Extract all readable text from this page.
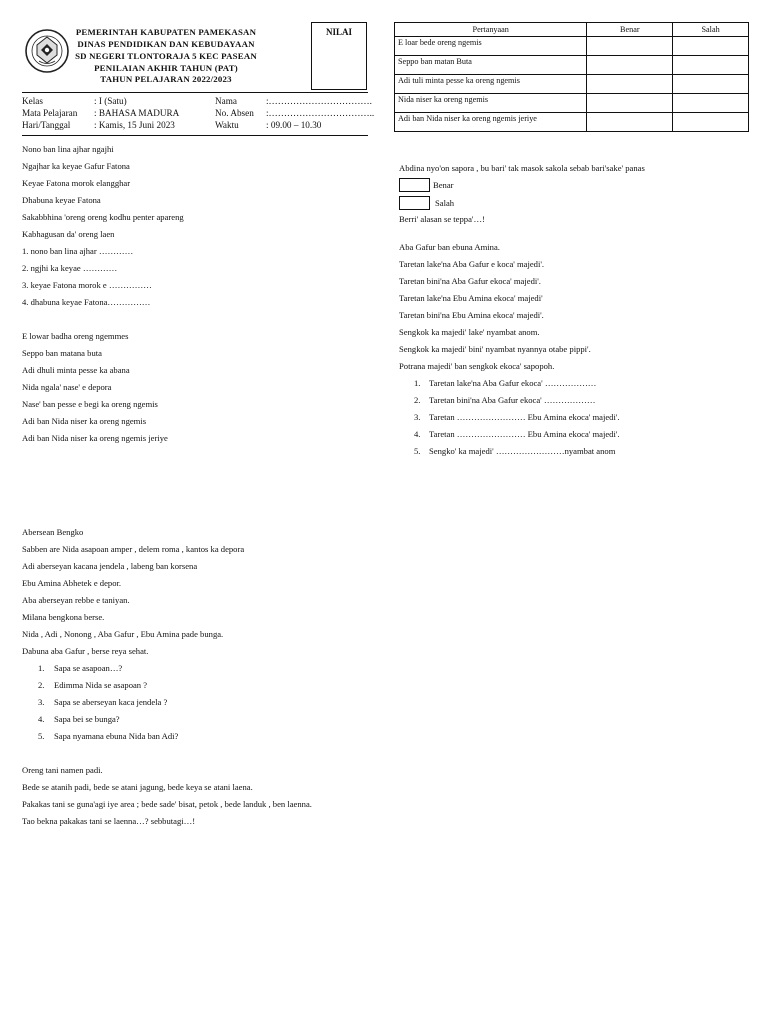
PEMERINTAH KABUPATEN PAMEKASAN
DINAS PENDIDIKAN DAN KEBUDAYAAN
SD NEGERI TLONTORAJA 5 KEC PASEAN
PENILAIAN AKHIR TAHUN (PAT)
TAHUN PELAJARAN 2022/2023
NILAI
Kelas	: I (Satu)
Mata Pelajaran : BAHASA MADURA
Hari/Tanggal	: Kamis, 15 Juni 2023
Nama	:…………………………….
No. Absen :……………………………..
Waktu	: 09.00 – 10.30
Nono ban lina ajhar ngajhi
Ngajhar ka keyae Gafur Fatona
Keyae Fatona morok elangghar
Dhabuna keyae Fatona
Sakabbhina 'oreng oreng kodhu penter apareng
Kabhagusan da' oreng laen
1. nono ban lina ajhar …………
2. ngjhi ka keyae …………
3. keyae Fatona morok e ……………
4. dhabuna keyae Fatona……………
E lowar badha oreng ngemmes
Seppo ban matana buta
Adi dhuli minta pesse ka abana
Nida ngala' nase' e depora
Nase' ban pesse e begi ka oreng ngemis
Adi ban Nida niser ka oreng ngemis
Adi ban Nida niser ka oreng ngemis jeriye
Abersean Bengko
Sabben are Nida asapoan amper , delem roma , kantos ka depora
Adi aberseyan kacana jendela , labeng ban korsena
Ebu Amina Abhetek e depor.
Aba aberseyan rebbe e taniyan.
Milana bengkona berse.
Nida , Adi , Nonong , Aba Gafur , Ebu Amina pade bunga.
Dabuna aba Gafur , berse reya sehat.
1. Sapa se asapoan…?
2. Edimma Nida se asapoan ?
3. Sapa se aberseyan kaca jendela ?
4. Sapa bei se bunga?
5. Sapa nyamana ebuna Nida ban Adi?
Oreng tani namen padi.
Bede se atanih padi, bede se atani jagung, bede keya se atani laena.
Pakakas tani se guna'agi iye area ; bede sade' bisat, petok , bede landuk , ben laenna.
Tao bekna pakakas tani se laenna…? sebbutagi…!
Pertanyaan	Benar	Salah
E loar bede oreng ngemis		
Seppo ban matan Buta		
Adi tuli minta pesse ka oreng ngemis		
Nida niser ka oreng ngemis		
Adi ban Nida niser ka oreng ngemis jeriye		
Abdina nyo'on sapora , bu bari' tak masok sakola sebab bari'sake' panas
Benar
Salah
Berri' alasan se teppa'…!
Aba Gafur ban ebuna Amina.
Taretan lake'na Aba Gafur e koca' majedi'.
Taretan bini'na Aba Gafur ekoca' majedi'.
Taretan lake'na Ebu Amina ekoca' majedi'
Taretan bini'na Ebu Amina ekoca' majedi'.
Sengkok ka majedi' lake' nyambat anom.
Sengkok ka majedi' bini' nyambat nyannya otabe pippi'.
Potrana majedi' ban sengkok ekoca' sapopoh.
1. Taretan lake'na Aba Gafur ekoca' ………………
2. Taretan bini'na Aba Gafur ekoca' ………………
3. Taretan …………………… Ebu Amina ekoca' majedi'.
4. Taretan …………………… Ebu Amina ekoca' majedi'.
5. Sengko' ka majedi' ……………………nyambat anom
